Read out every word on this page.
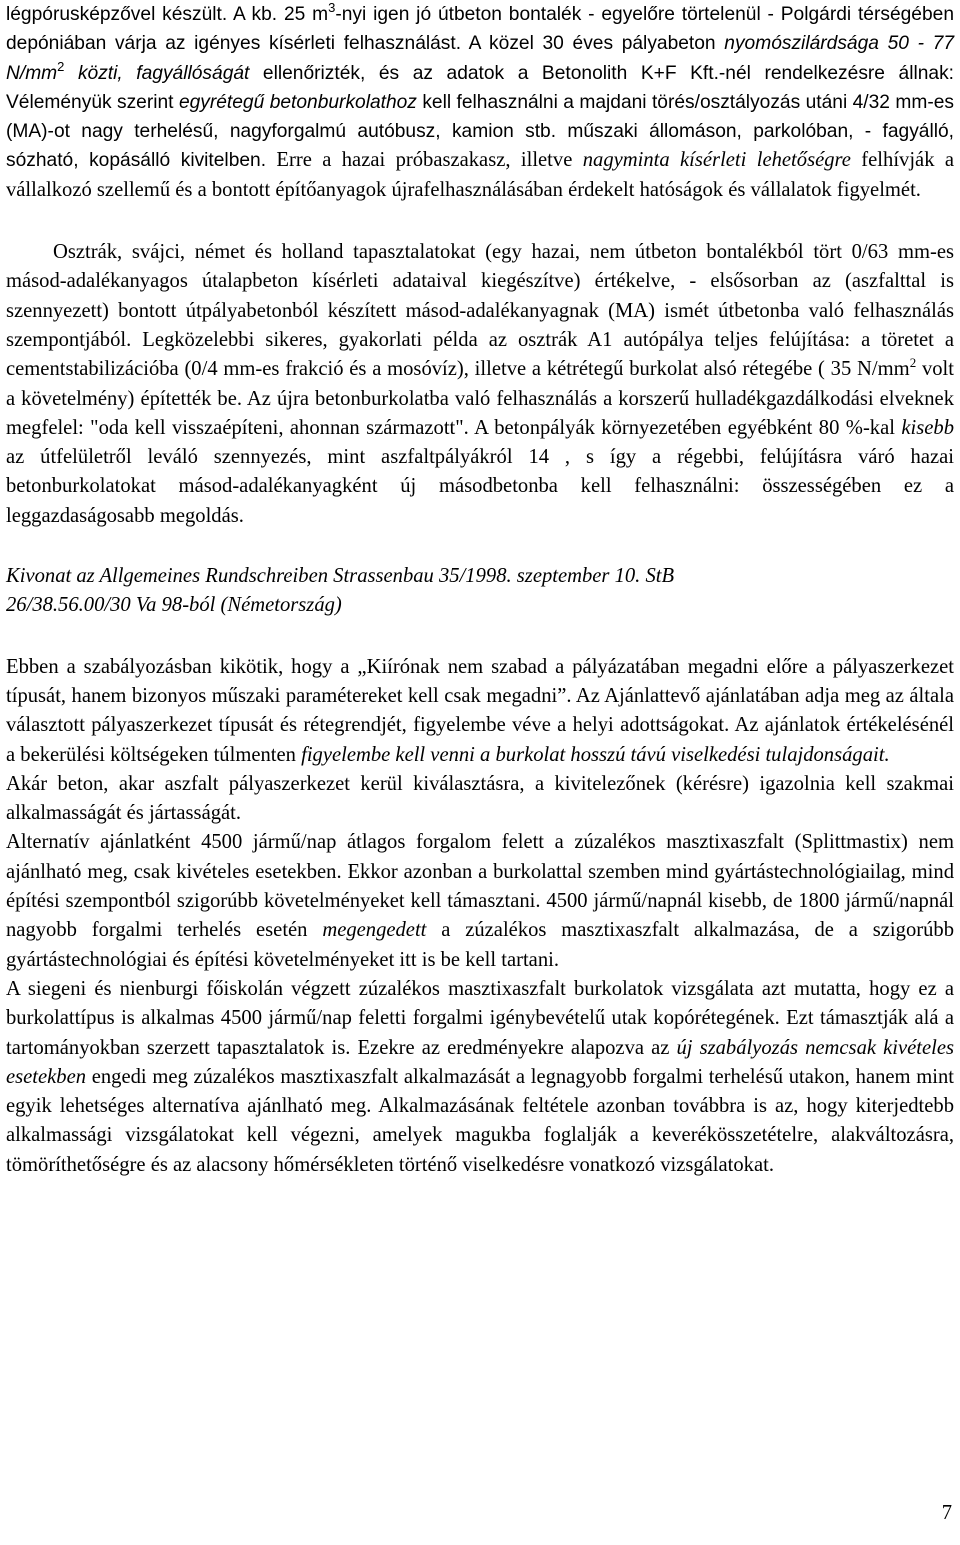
légpórusképzővel készült. A kb. 25 $m^3$-nyi igen jó útbeton bontalék - egyelőre törtelenül - Polgárdi térségében depóniában várja az igényes kísérleti felhasználást. A közel 30 éves pályabeton nyomószilárdsága 50 - 77 $N/mm^2$ közti, fagyállóságát ellenőrizték, és az adatok a Betonolith K+F Kft.-nél rendelkezésre állnak: Véleményük szerint egyrétegű betonburkolathoz kell felhasználni a majdani törés/osztályozás utáni 4/32 mm-es (MA)-ot nagy terhelésű, nagyforgalmú autóbusz, kamion stb. műszaki állomáson, parkolóban, - fagyálló, sózható, kopásálló kivitelben. Erre a hazai próbaszakasz, illetve nagyminta kísérleti lehetőségre felhívják a vállalkozó szellemű és a bontott építőanyagok újrafelhasználásában érdekelt hatóságok és vállalatok figyelmét.

Osztrák, svájci, német és holland tapasztalatokat (egy hazai, nem útbeton bontalékból tört 0/63 mm-es másod-adalékanyagos útalapbeton kísérleti adataival kiegészítve) értékelve, - elsősorban az (aszfalttal is szennyezett) bontott útpályabetonból készített másod-adalékanyagnak (MA) ismét útbetonba való felhasználás szempontjából. Legközelebbi sikeres, gyakorlati példa az osztrák A1 autópálya teljes felújítása: a töretet a cementstabilizációba (0/4 mm-es frakció és a mosóvíz), illetve a kétrétegű burkolat alsó rétegébe ( 35 $N/mm^2$ volt a követelmény) építették be. Az újra betonburkolatba való felhasználás a korszerű hulladékgazdálkodási elveknek megfelel: "oda kell visszaépíteni, ahonnan származott". A betonpályák környezetében egyébként 80 %-kal kisebb az útfelületről leváló szennyezés, mint aszfaltpályákról 14 , s így a régebbi, felújításra váró hazai betonburkolatokat másod-adalékanyagként új másodbetonba kell felhasználni: összességében ez a leggazdaságosabb megoldás.

Kivonat az Allgemeines Rundschreiben Strassenbau 35/1998. szeptember 10. StB

26/38.56.00/30 Va 98-ból (Németország)

Ebben a szabályozásban kikötik, hogy a „Kiírónak nem szabad a pályázatában megadni előre a pályaszerkezet típusát, hanem bizonyos műszaki paramétereket kell csak megadni”. Az Ajánlattevő ajánlatában adja meg az általa választott pályaszerkezet típusát és rétegrendjét, figyelembe véve a helyi adottságokat. Az ajánlatok értékelésénél a bekerülési költségeken túlmenten figyelembe kell venni a burkolat hosszú távú viselkedési tulajdonságait.

Akár beton, akar aszfalt pályaszerkezet kerül kiválasztásra, a kivitelezőnek (kérésre) igazolnia kell szakmai alkalmasságát és jártasságát.

Alternatív ajánlatként 4500 jármű/nap átlagos forgalom felett a zúzalékos masztixaszfalt (Splittmastix) nem ajánlható meg, csak kivételes esetekben. Ekkor azonban a burkolattal szemben mind gyártástechnológiailag, mind építési szempontból szigorúbb követelményeket kell támasztani. 4500 jármű/napnál kisebb, de 1800 jármű/napnál nagyobb forgalmi terhelés esetén megengedett a zúzalékos masztixaszfalt alkalmazása, de a szigorúbb gyártástechnológiai és építési követelményeket itt is be kell tartani.

A siegeni és nienburgi főiskolán végzett zúzalékos masztixaszfalt burkolatok vizsgálata azt mutatta, hogy ez a burkolattípus is alkalmas 4500 jármű/nap feletti forgalmi igénybevételű utak kopórétegének. Ezt támasztják alá a tartományokban szerzett tapasztalatok is. Ezekre az eredményekre alapozva az új szabályozás nemcsak kivételes esetekben engedi meg zúzalékos masztixaszfalt alkalmazását a legnagyobb forgalmi terhelésű utakon, hanem mint egyik lehetséges alternatíva ajánlható meg. Alkalmazásának feltétele azonban továbbra is az, hogy kiterjedtebb alkalmassági vizsgálatokat kell végezni, amelyek magukba foglalják a keverékösszetételre, alakváltozásra, tömöríthetőségre és az alacsony hőmérsékleten történő viselkedésre vonatkozó vizsgálatokat.

7
